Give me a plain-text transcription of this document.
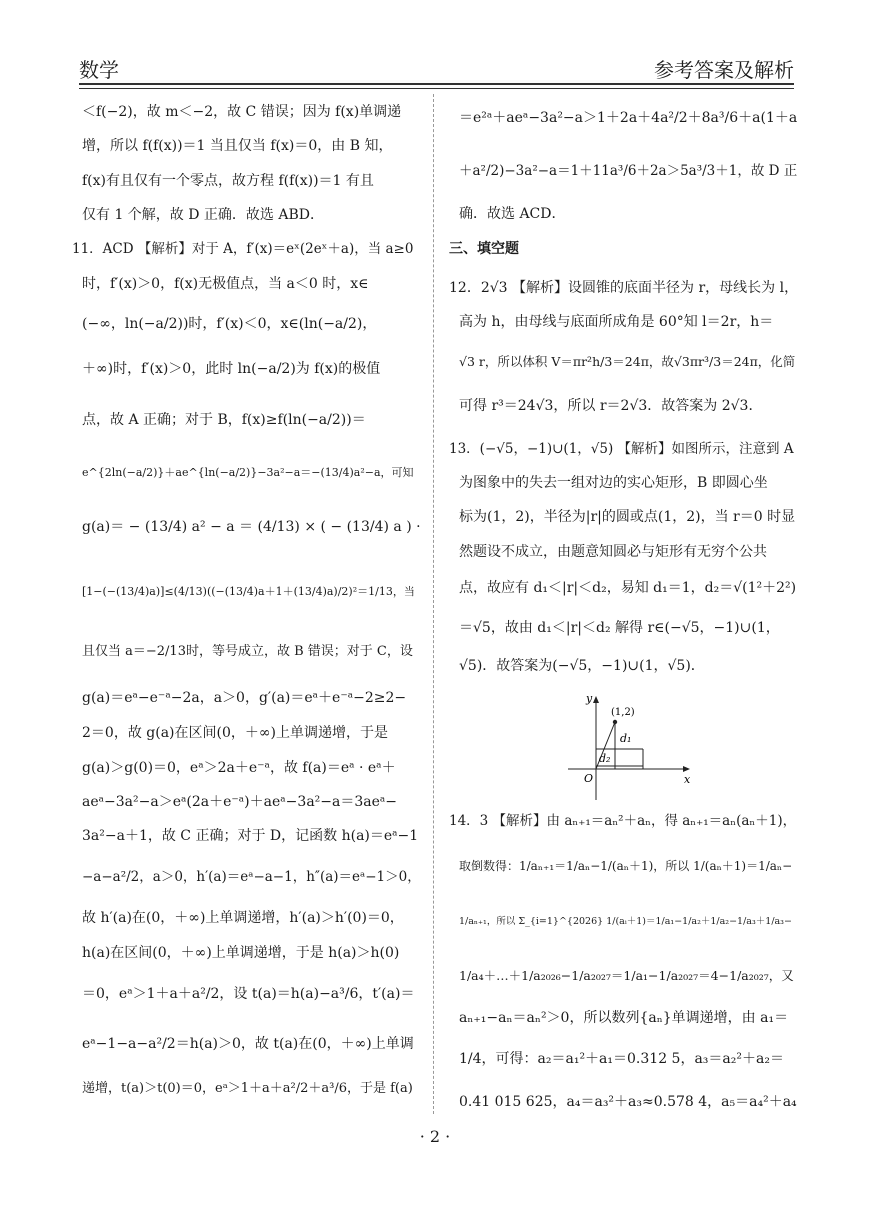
数学	参考答案及解析
＜f(−2)，故 m＜−2，故 C 错误；因为 f(x)单调递
增，所以 f(f(x))＝1 当且仅当 f(x)＝0，由 B 知，
f(x)有且仅有一个零点，故方程 f(f(x))＝1 有且
仅有 1 个解，故 D 正确．故选 ABD．
11．ACD 【解析】对于 A，f′(x)＝eˣ(2eˣ＋a)，当 a≥0
时，f′(x)＞0，f(x)无极值点，当 a＜0 时，x∈
(−∞，ln(−a/2))时，f′(x)＜0，x∈(ln(−a/2)，
＋∞)时，f′(x)＞0，此时 ln(−a/2)为 f(x)的极值
点，故 A 正确；对于 B，f(x)≥f(ln(−a/2))＝
e^{2ln(−a/2)}＋ae^{ln(−a/2)}−3a²−a＝−(13/4)a²−a，可知
g(a)＝ − (13/4) a² − a ＝ (4/13) × ( − (13/4) a ) ·
[1−(−(13/4)a)]≤(4/13)((−(13/4)a＋1＋(13/4)a)/2)²＝1/13，当
且仅当 a＝−2/13时，等号成立，故 B 错误；对于 C，设
g(a)＝eᵃ−e⁻ᵃ−2a，a＞0，g′(a)＝eᵃ＋e⁻ᵃ−2≥2−
2＝0，故 g(a)在区间(0，＋∞)上单调递增，于是
g(a)＞g(0)＝0，eᵃ＞2a＋e⁻ᵃ，故 f(a)＝eᵃ · eᵃ＋
aeᵃ−3a²−a＞eᵃ(2a＋e⁻ᵃ)＋aeᵃ−3a²−a＝3aeᵃ−
3a²−a＋1，故 C 正确；对于 D，记函数 h(a)＝eᵃ−1
−a−a²/2，a＞0，h′(a)＝eᵃ−a−1，h″(a)＝eᵃ−1＞0，
故 h′(a)在(0，＋∞)上单调递增，h′(a)＞h′(0)＝0，
h(a)在区间(0，＋∞)上单调递增，于是 h(a)＞h(0)
＝0，eᵃ＞1＋a＋a²/2，设 t(a)＝h(a)−a³/6，t′(a)＝
eᵃ−1−a−a²/2＝h(a)＞0，故 t(a)在(0，＋∞)上单调
递增，t(a)＞t(0)＝0，eᵃ＞1＋a＋a²/2＋a³/6，于是 f(a)
＝e²ᵃ＋aeᵃ−3a²−a＞1＋2a＋4a²/2＋8a³/6＋a(1＋a
＋a²/2)−3a²−a＝1＋11a³/6＋2a＞5a³/3＋1，故 D 正
确．故选 ACD．
三、填空题
12．2√3 【解析】设圆锥的底面半径为 r，母线长为 l，
高为 h，由母线与底面所成角是 60°知 l＝2r，h＝
√3 r，所以体积 V＝πr²h/3＝24π，故√3πr³/3＝24π，化简
可得 r³＝24√3，所以 r＝2√3．故答案为 2√3．
13．(−√5，−1)∪(1，√5) 【解析】如图所示，注意到 A
为图象中的失去一组对边的实心矩形，B 即圆心坐
标为(1，2)，半径为|r|的圆或点(1，2)，当 r＝0 时显
然题设不成立，由题意知圆必与矩形有无穷个公共
点，故应有 d₁＜|r|＜d₂，易知 d₁＝1，d₂＝√(1²＋2²)
＝√5，故由 d₁＜|r|＜d₂ 解得 r∈(−√5，−1)∪(1，
√5)．故答案为(−√5，−1)∪(1，√5)．
y
x
O
(1,2)
d₁
d₂
14．3 【解析】由 aₙ₊₁＝aₙ²＋aₙ，得 aₙ₊₁＝aₙ(aₙ＋1)，
取倒数得：1/aₙ₊₁＝1/aₙ−1/(aₙ＋1)，所以 1/(aₙ＋1)＝1/aₙ−
1/aₙ₊₁，所以 Σ_{i=1}^{2026} 1/(aᵢ＋1)＝1/a₁−1/a₂＋1/a₂−1/a₃＋1/a₃−
1/a₄＋…＋1/a₂₀₂₆−1/a₂₀₂₇＝1/a₁−1/a₂₀₂₇＝4−1/a₂₀₂₇，又
aₙ₊₁−aₙ＝aₙ²＞0，所以数列{aₙ}单调递增，由 a₁＝
1/4，可得：a₂＝a₁²＋a₁＝0.312 5，a₃＝a₂²＋a₂＝
0.41 015 625，a₄＝a₃²＋a₃≈0.578 4，a₅＝a₄²＋a₄
· 2 ·
